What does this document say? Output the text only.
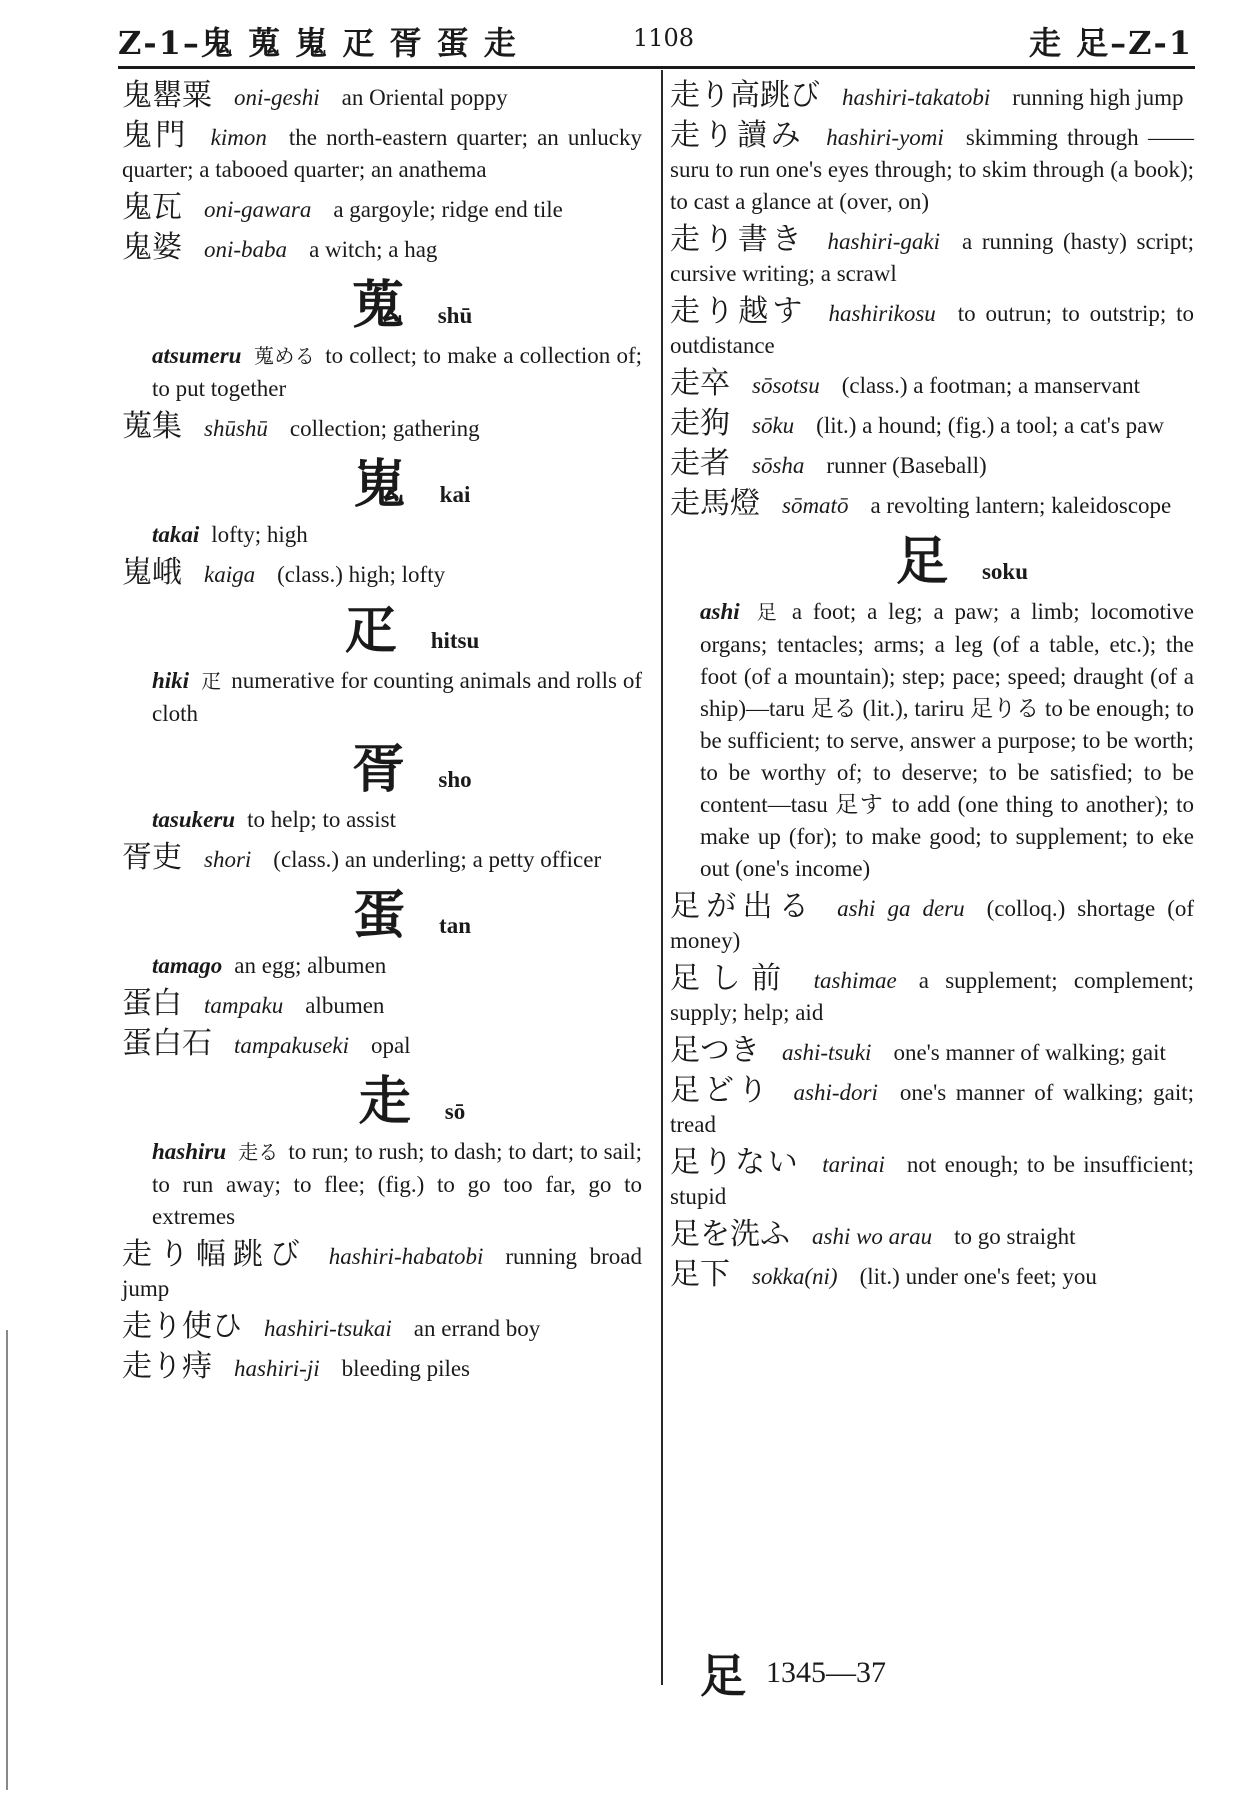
Z-1–鬼 蒐 嵬 疋 胥 蛋 走	1108	走 足–Z-1
鬼罌粟 oni-geshi an Oriental poppy
鬼門 kimon the north-eastern quarter; an unlucky quarter; a tabooed quarter; an anathema
鬼瓦 oni-gawara a gargoyle; ridge end tile
鬼婆 oni-baba a witch; a hag
蒐 shū
atsumeru 蒐める to collect; to make a collection of; to put together
蒐集 shūshū collection; gathering
嵬 kai
takai lofty; high
嵬峨 kaiga (class.) high; lofty
疋 hitsu
hiki 疋 numerative for counting animals and rolls of cloth
胥 sho
tasukeru to help; to assist
胥吏 shori (class.) an underling; a petty officer
蛋 tan
tamago an egg; albumen
蛋白 tampaku albumen
蛋白石 tampakuseki opal
走 sō
hashiru 走る to run; to rush; to dash; to dart; to sail; to run away; to flee; (fig.) to go too far, go to extremes
走り幅跳び hashiri-habatobi running broad jump
走り使ひ hashiri-tsukai an errand boy
走り痔 hashiri-ji bleeding piles
走り高跳び hashiri-takatobi running high jump
走り讀み hashiri-yomi skimming through ——suru to run one's eyes through; to skim through (a book); to cast a glance at (over, on)
走り書き hashiri-gaki a running (hasty) script; cursive writing; a scrawl
走り越す hashirikosu to outrun; to outstrip; to outdistance
走卒 sōsotsu (class.) a footman; a manservant
走狗 sōku (lit.) a hound; (fig.) a tool; a cat's paw
走者 sōsha runner (Baseball)
走馬燈 sōmatō a revolting lantern; kaleidoscope
足 soku
ashi 足 a foot; a leg; a paw; a limb; locomotive organs; tentacles; arms; a leg (of a table, etc.); the foot (of a mountain); step; pace; speed; draught (of a ship)—taru 足る (lit.), tariru 足りる to be enough; to be sufficient; to serve, answer a purpose; to be worth; to be worthy of; to deserve; to be satisfied; to be content—tasu 足す to add (one thing to another); to make up (for); to make good; to supplement; to eke out (one's income)
足が出る ashi ga deru (colloq.) shortage (of money)
足し前 tashimae a supplement; complement; supply; help; aid
足つき ashi-tsuki one's manner of walking; gait
足どり ashi-dori one's manner of walking; gait; tread
足りない tarinai not enough; to be insufficient; stupid
足を洗ふ ashi wo arau to go straight
足下 sokka(ni) (lit.) under one's feet; you
足 1345—37
